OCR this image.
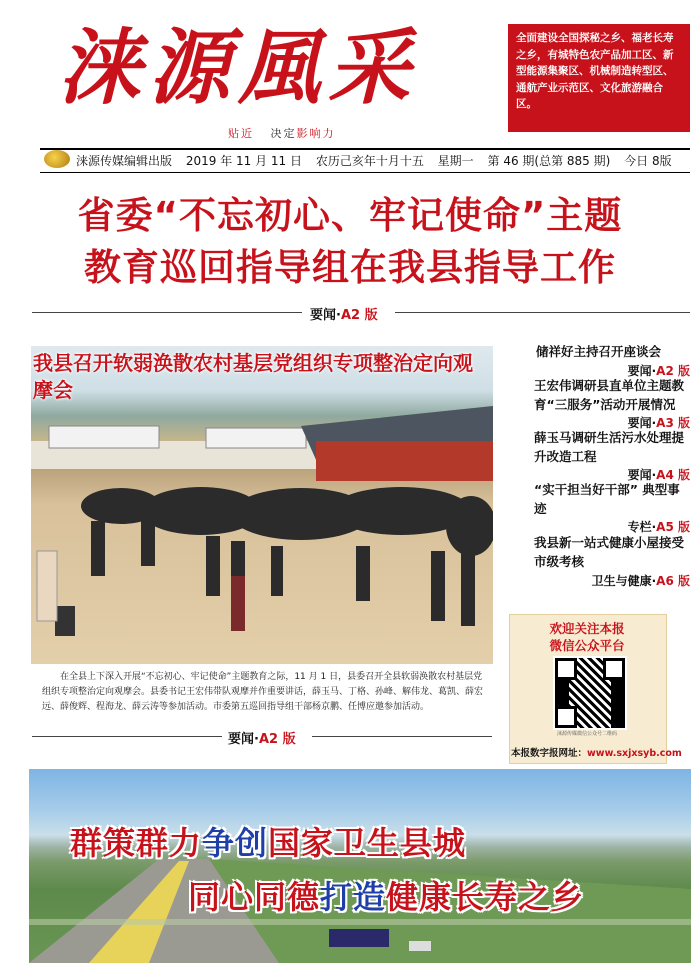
涞源風采
贴近 决定影响力
全面建设全国探秘之乡、福老长寿之乡，有城特色农产品加工区、新型能源集聚区、机械制造转型区、通航产业示范区、文化旅游融合区。
涞源传媒编辑出版 2019 年 11 月 11 日 农历己亥年十月十五 星期一 第 46 期(总第 885 期) 今日 8版
省委“不忘初心、牢记使命”主题
教育巡回指导组在我县指导工作
要闻·A2 版
我县召开软弱涣散农村基层党组织专项整治定向观摩会
在全县上下深入开展“不忘初心、牢记使命”主题教育之际，11 月 1 日，县委召开全县软弱涣散农村基层党组织专项整治定向观摩会。县委书记王宏伟带队观摩并作重要讲话，薛玉马、丁格、孙峰、解伟龙、葛凯、薛宏远、薛俊辉、程海龙、薛云涛等参加活动。市委第五巡回指导组干部杨京鹏、任博应邀参加活动。
要闻·A2 版
储祥好主持召开座谈会
要闻·A2 版
王宏伟调研县直单位主题教育“三服务”活动开展情况
要闻·A3 版
薛玉马调研生活污水处理提升改造工程
要闻·A4 版
“实干担当好干部” 典型事迹
专栏·A5 版
我县新一站式健康小屋接受市级考核
卫生与健康·A6 版
欢迎关注本报
微信公众平台
涞源传媒微信公众号二维码
本报数字报网址：www.sxjxsyb.com
群策群力争创国家卫生县城
同心同德打造健康长寿之乡
